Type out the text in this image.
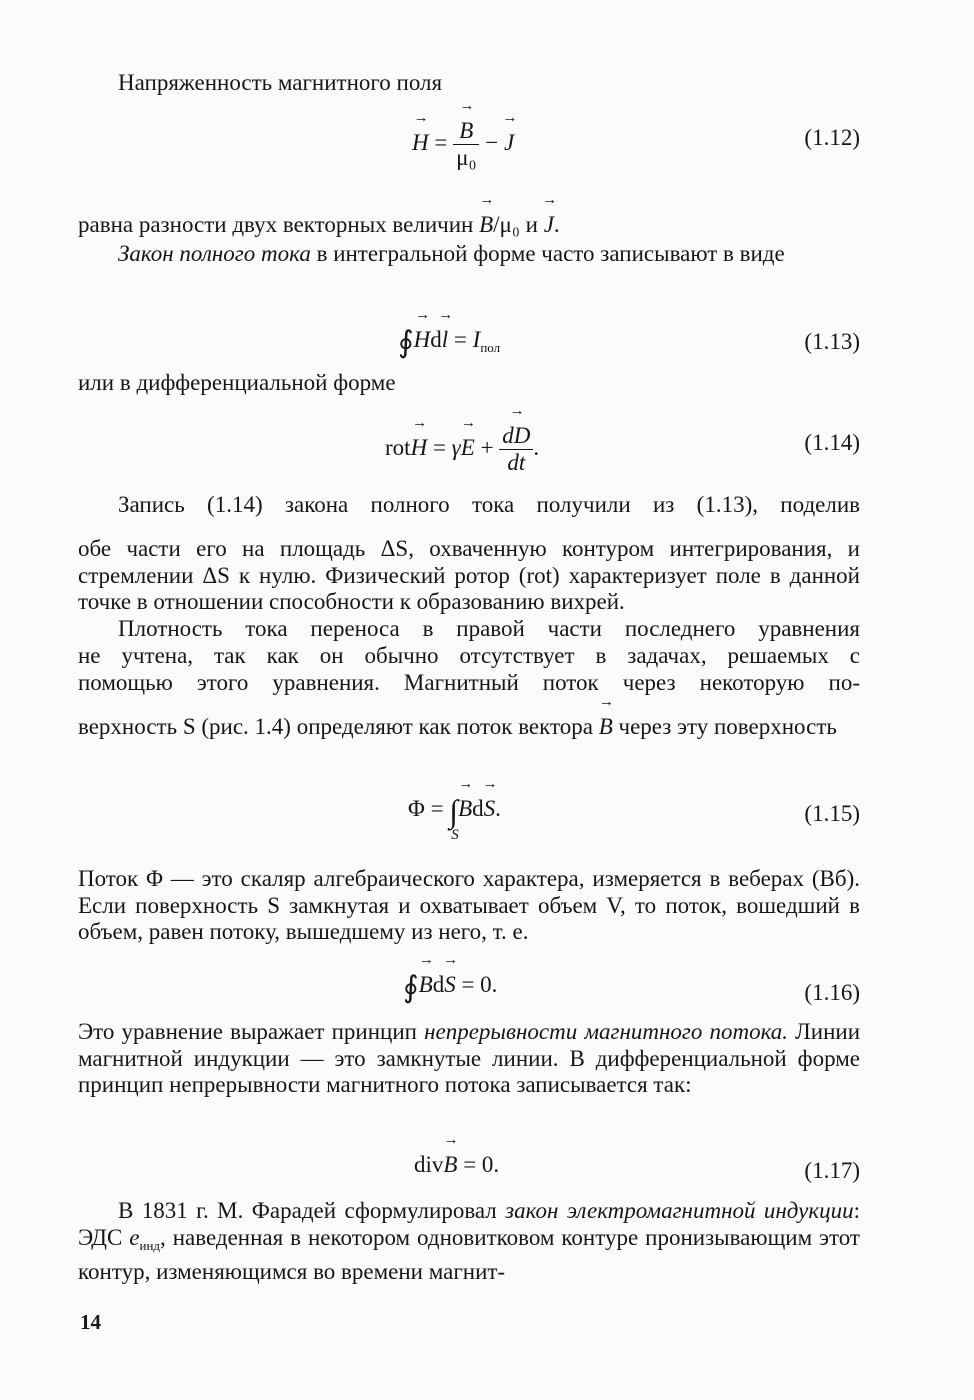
Напряженность магнитного поля
→ H = → $\frac{B}{\text{μ₀}}$ − → J	(1.12)
равна разности двух векторных величин → B/μ₀ и → J.
Закон полного тока в интегральной форме часто записывают в виде
∮→ $Hd\to l = I_{пол}$	(1.13)
или в дифференциальной форме
rot→ H = γ→ E + → $\frac{dD}{dt}$ .	(1.14)
Запись (1.14) закона полного тока получили из (1.13), поделив
обе части его на площадь ΔS, охваченную контуром интегрирования, и стремлении ΔS к нулю. Физический ротор (rot) характеризует поле в данной точке в отношении способности к образованию вихрей.
Плотность тока переноса в правой части последнего уравнения
не учтена, так как он обычно отсутствует в задачах, решаемых с
помощью этого уравнения. Магнитный поток через некоторую по-
верхность S (рис. 1.4) определяют как поток вектора → B через эту поверхность
Φ = ∫
S
→ Bd→ S.	(1.15)
Поток Φ — это скаляр алгебраического характера, измеряется в веберах (Вб). Если поверхность S замкнутая и охватывает объем V, то поток, вошедший в объем, равен потоку, вышедшему из него, т. е.
∮→ Bd→ S = 0.	(1.16)
Это уравнение выражает принцип непрерывности магнитного потока. Линии магнитной индукции — это замкнутые линии. В дифференциальной форме принцип непрерывности магнитного потока записывается так:
div→ B = 0.	(1.17)
В 1831 г. М. Фарадей сформулировал закон электромагнитной индукции: ЭДС $e_{инд}$, наведенная в некотором одновитковом контуре пронизывающим этот контур, изменяющимся во времени магнит-
14
